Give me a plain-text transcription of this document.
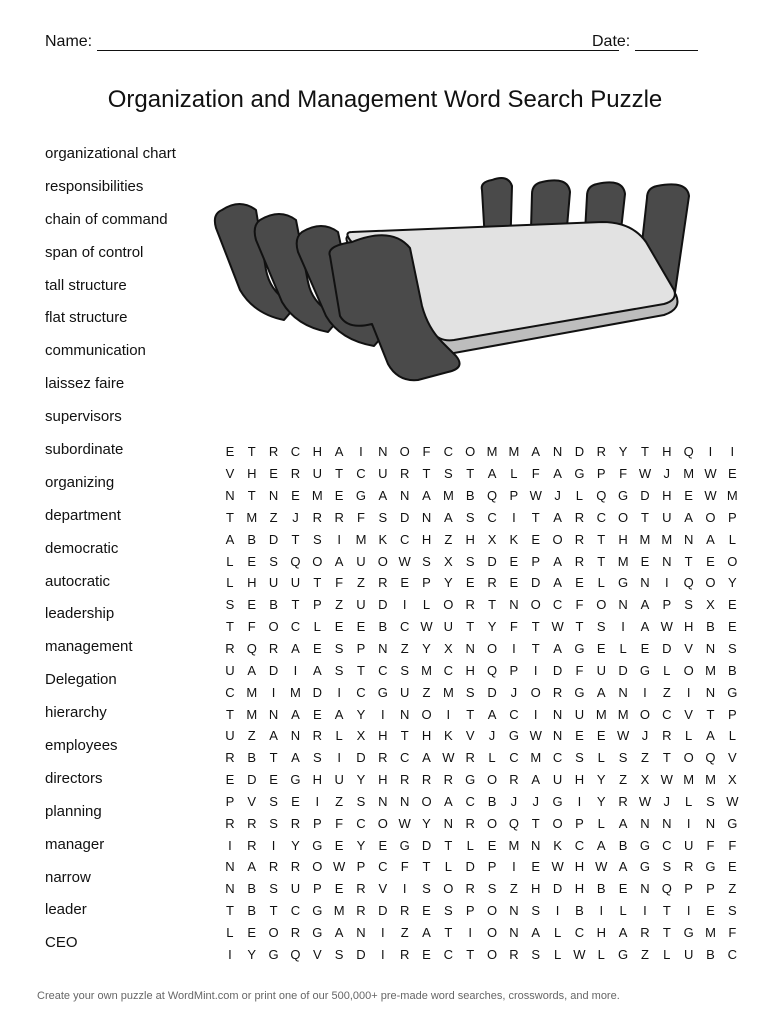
Name:	Date:
Organization and Management Word Search Puzzle
organizational chart
responsibilities
chain of command
span of control
tall structure
flat structure
communication
laissez faire
supervisors
subordinate
organizing
department
democratic
autocratic
leadership
management
Delegation
hierarchy
employees
directors
planning
manager
narrow
leader
CEO
E	T	R	C	H	A	I	N	O	F	C	O	M	M	A	N	D	R	Y	T	H	Q	I	I
V	H	E	R	U	T	C	U	R	T	S	T	A	L	F	A	G	P	F	W	J	M	W	E
N	T	N	E	M	E	G	A	N	A	M	B	Q	P	W	J	L	Q	G	D	H	E	W	M
T	M	Z	J	R	R	F	S	D	N	A	S	C	I	T	A	R	C	O	T	U	A	O	P
A	B	D	T	S	I	M	K	C	H	Z	H	X	K	E	O	R	T	H	M	M	N	A	L
L	E	S	Q	O	A	U	O	W	S	X	S	D	E	P	A	R	T	M	E	N	T	E	O
L	H	U	U	T	F	Z	R	E	P	Y	E	R	E	D	A	E	L	G	N	I	Q	O	Y
S	E	B	T	P	Z	U	D	I	L	O	R	T	N	O	C	F	O	N	A	P	S	X	E
T	F	O	C	L	E	E	B	C	W	U	T	Y	F	T	W	T	S	I	A	W	H	B	E
R	Q	R	A	E	S	P	N	Z	Y	X	N	O	I	T	A	G	E	L	E	D	V	N	S
U	A	D	I	A	S	T	C	S	M	C	H	Q	P	I	D	F	U	D	G	L	O	M	B
C	M	I	M	D	I	C	G	U	Z	M	S	D	J	O	R	G	A	N	I	Z	I	N	G
T	M	N	A	E	A	Y	I	N	O	I	T	A	C	I	N	U	M	M	O	C	V	T	P
U	Z	A	N	R	L	X	H	T	H	K	V	J	G	W	N	E	E	W	J	R	L	A	L
R	B	T	A	S	I	D	R	C	A	W	R	L	C	M	C	S	L	S	Z	T	O	Q	V
E	D	E	G	H	U	Y	H	R	R	R	G	O	R	A	U	H	Y	Z	X	W	M	M	X
P	V	S	E	I	Z	S	N	N	O	A	C	B	J	J	G	I	Y	R	W	J	L	S	W
R	R	S	R	P	F	C	O	W	Y	N	R	O	Q	T	O	P	L	A	N	N	I	N	G
I	R	I	Y	G	E	Y	E	G	D	T	L	E	M	N	K	C	A	B	G	C	U	F	F
N	A	R	R	O	W	P	C	F	T	L	D	P	I	E	W	H	W	A	G	S	R	G	E
N	B	S	U	P	E	R	V	I	S	O	R	S	Z	H	D	H	B	E	N	Q	P	P	Z
T	B	T	C	G	M	R	D	R	E	S	P	O	N	S	I	B	I	L	I	T	I	E	S
L	E	O	R	G	A	N	I	Z	A	T	I	O	N	A	L	C	H	A	R	T	G	M	F
I	Y	G	Q	V	S	D	I	R	E	C	T	O	R	S	L	W	L	G	Z	L	U	B	C
Create your own puzzle at WordMint.com or print one of our 500,000+ pre-made word searches, crosswords, and more.
